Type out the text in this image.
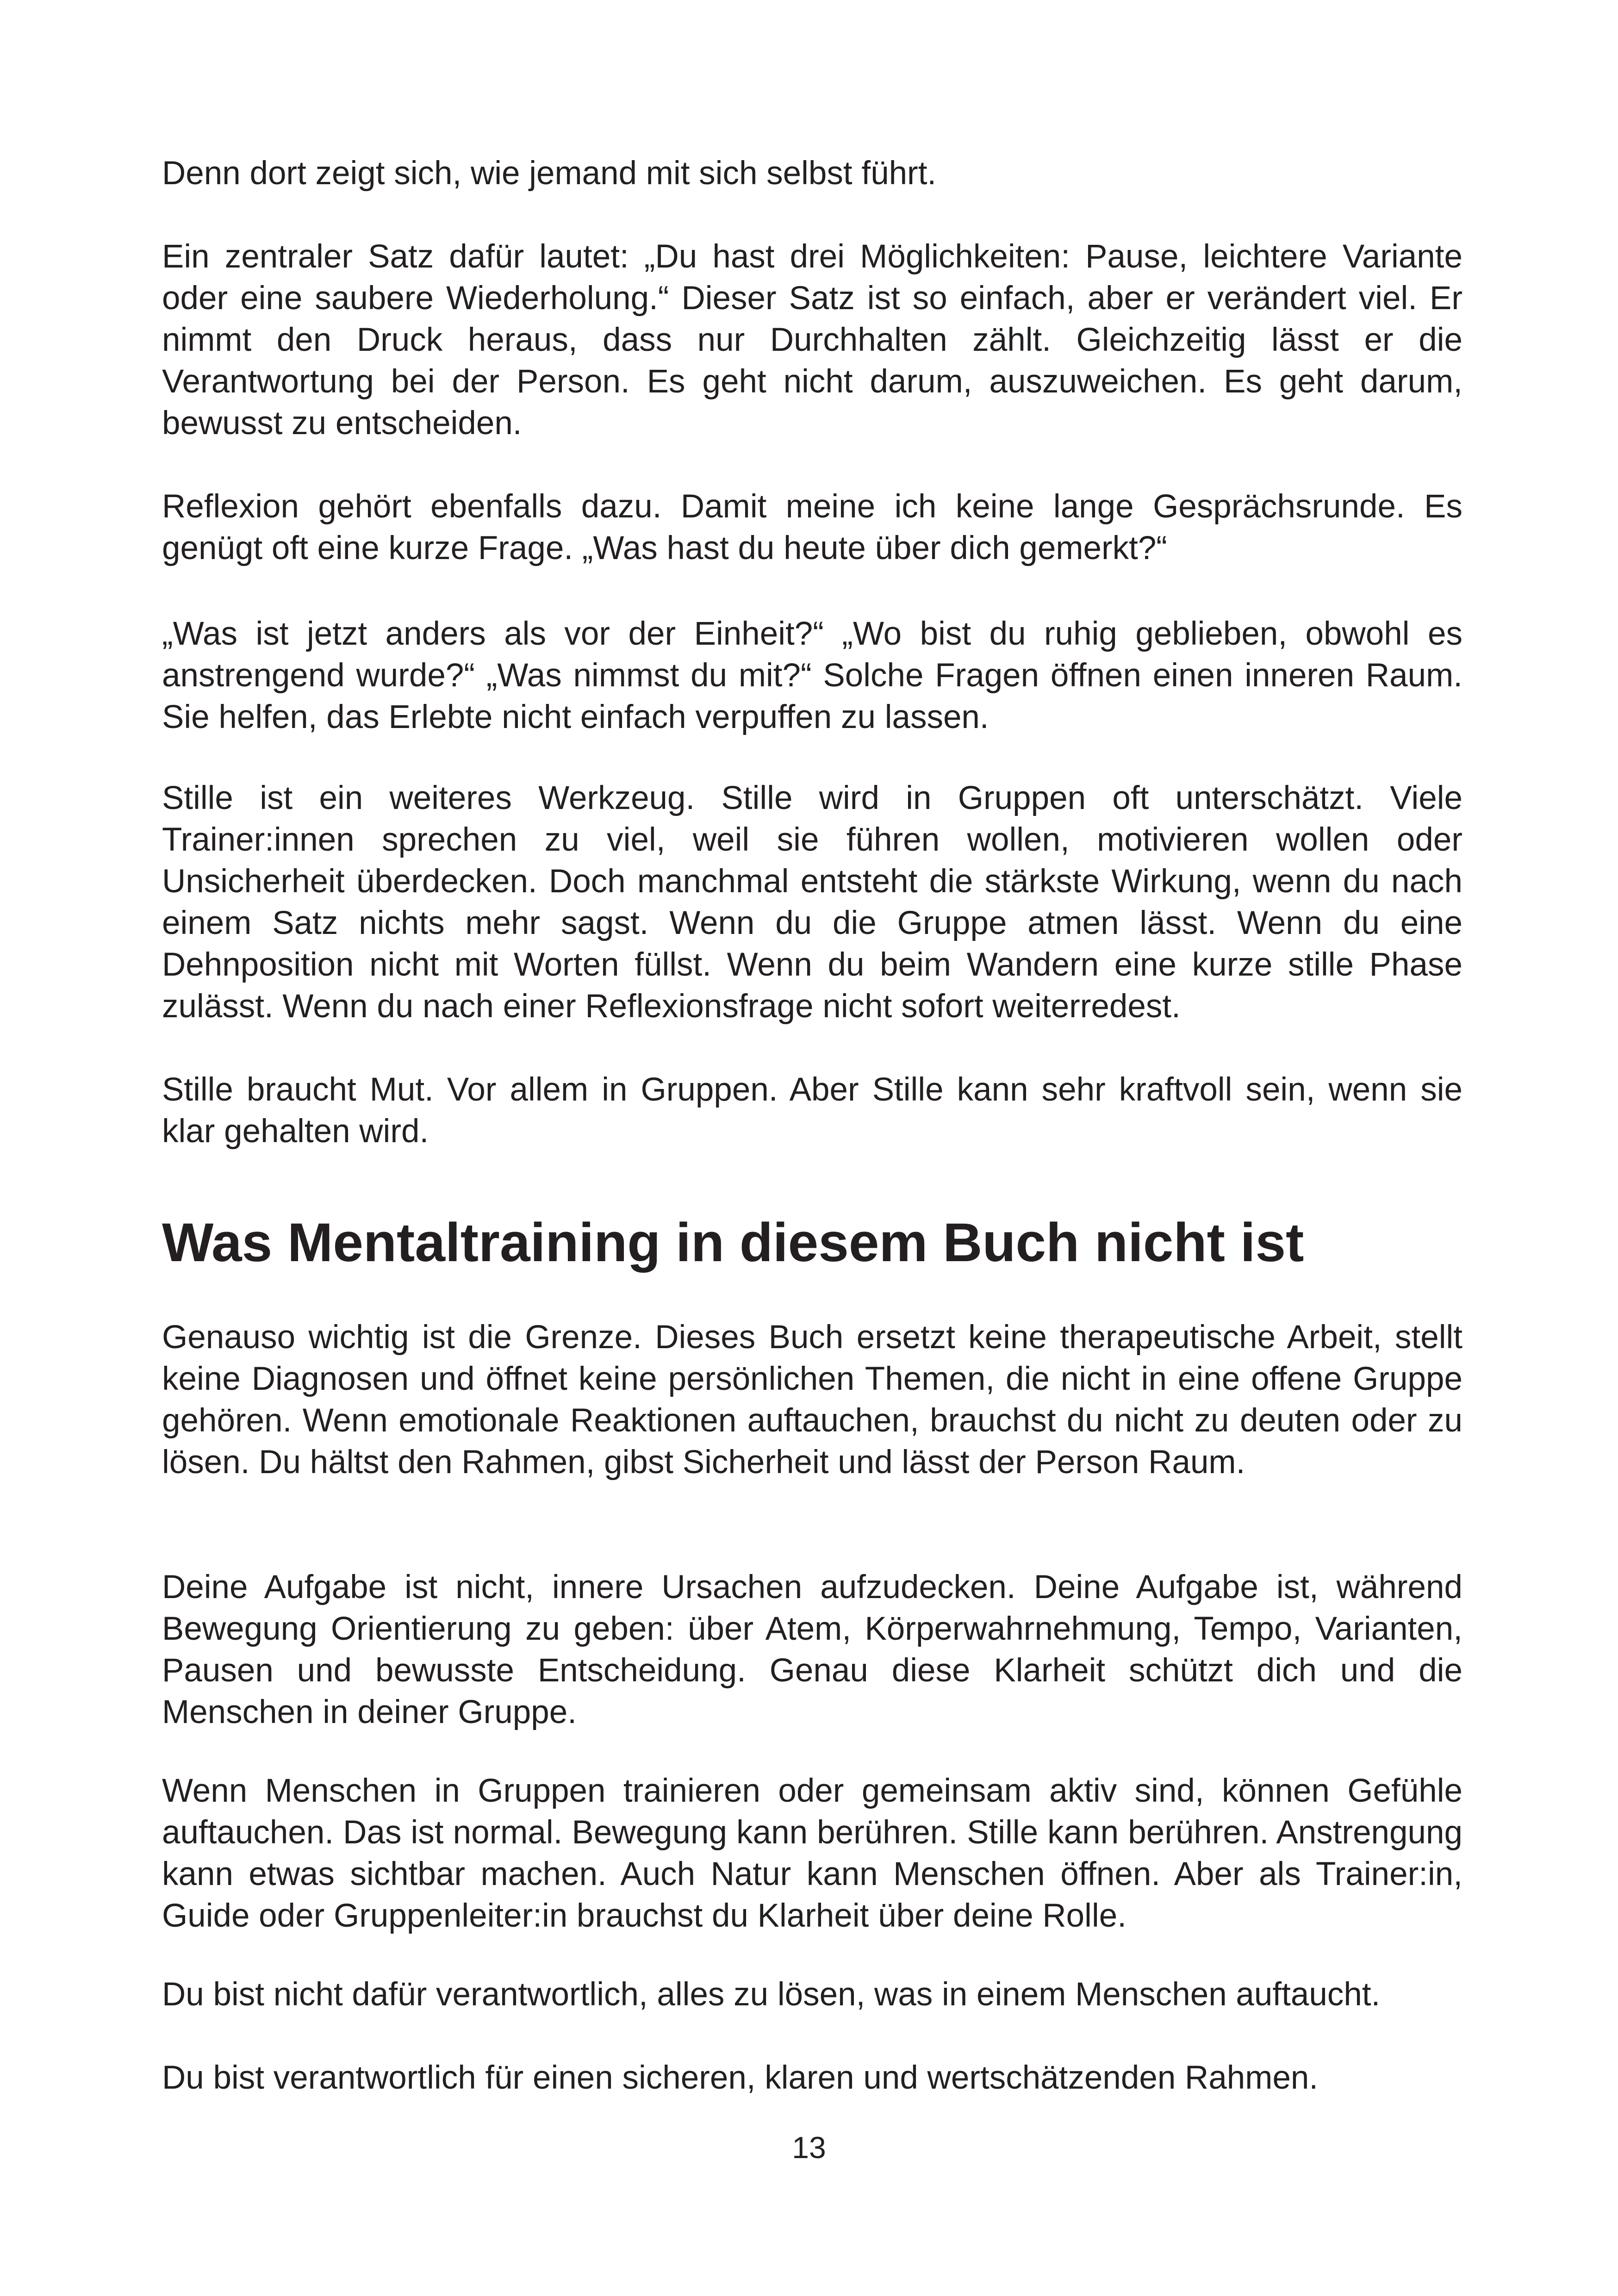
Denn dort zeigt sich, wie jemand mit sich selbst führt.

Ein zentraler Satz dafür lautet: „Du hast drei Möglichkeiten: Pause, leichtere Variante oder eine saubere Wiederholung.“ Dieser Satz ist so einfach, aber er verändert viel. Er nimmt den Druck heraus, dass nur Durchhalten zählt. Gleichzeitig lässt er die Verantwortung bei der Person. Es geht nicht darum, auszuweichen. Es geht darum, bewusst zu entscheiden.

Reflexion gehört ebenfalls dazu. Damit meine ich keine lange Gesprächsrunde. Es genügt oft eine kurze Frage. „Was hast du heute über dich gemerkt?“

„Was ist jetzt anders als vor der Einheit?“ „Wo bist du ruhig geblieben, obwohl es anstrengend wurde?“ „Was nimmst du mit?“ Solche Fragen öffnen einen inneren Raum. Sie helfen, das Erlebte nicht einfach verpuffen zu lassen.

Stille ist ein weiteres Werkzeug. Stille wird in Gruppen oft unterschätzt. Viele Trainer:innen sprechen zu viel, weil sie führen wollen, motivieren wollen oder Unsicherheit überdecken. Doch manchmal entsteht die stärkste Wirkung, wenn du nach einem Satz nichts mehr sagst. Wenn du die Gruppe atmen lässt. Wenn du eine Dehnposition nicht mit Worten füllst. Wenn du beim Wandern eine kurze stille Phase zulässt. Wenn du nach einer Reflexionsfrage nicht sofort weiterredest.

Stille braucht Mut. Vor allem in Gruppen. Aber Stille kann sehr kraftvoll sein, wenn sie klar gehalten wird.

Was Mentaltraining in diesem Buch nicht ist

Genauso wichtig ist die Grenze. Dieses Buch ersetzt keine therapeutische Arbeit, stellt keine Diagnosen und öffnet keine persönlichen Themen, die nicht in eine offene Gruppe gehören. Wenn emotionale Reaktionen auftauchen, brauchst du nicht zu deuten oder zu lösen. Du hältst den Rahmen, gibst Sicherheit und lässt der Person Raum.

Deine Aufgabe ist nicht, innere Ursachen aufzudecken. Deine Aufgabe ist, während Bewegung Orientierung zu geben: über Atem, Körperwahrnehmung, Tempo, Varianten, Pausen und bewusste Entscheidung. Genau diese Klarheit schützt dich und die Menschen in deiner Gruppe.

Wenn Menschen in Gruppen trainieren oder gemeinsam aktiv sind, können Gefühle auftauchen. Das ist normal. Bewegung kann berühren. Stille kann berühren. Anstrengung kann etwas sichtbar machen. Auch Natur kann Menschen öffnen. Aber als Trainer:in, Guide oder Gruppenleiter:in brauchst du Klarheit über deine Rolle.

Du bist nicht dafür verantwortlich, alles zu lösen, was in einem Menschen auftaucht.

Du bist verantwortlich für einen sicheren, klaren und wertschätzenden Rahmen.

13
